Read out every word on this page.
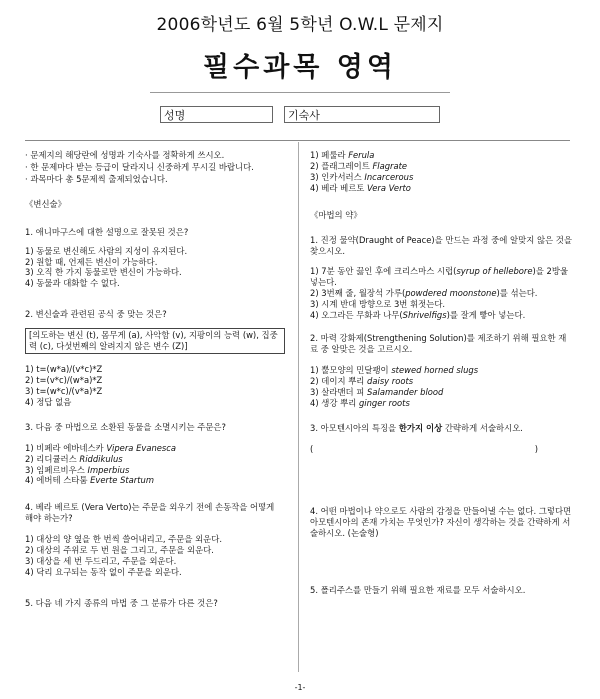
2006학년도 6월 5학년 O.W.L 문제지
필수과목 영역
성명	기숙사

· 문제지의 해당란에 성명과 기숙사를 정확하게 쓰시오.

· 한 문제마다 받는 등급이 달라지니 신중하게 무시길 바랍니다.

· 과목마다 총 5문제씩 출제되었습니다.

《변신술》

1. 애니마구스에 대한 설명으로 잘못된 것은?

1) 동물로 변신해도 사람의 지성이 유지된다.

2) 원할 때, 언제든 변신이 가능하다.

3) 오직 한 가지 동물로만 변신이 가능하다.

4) 동물과 대화할 수 없다.

2. 변신술과 관련된 공식 중 맞는 것은?

[의도하는 변신 (t), 몸무게 (a), 사악함 (v), 지팡이의 능력 (w), 집중력 (c), 다섯번째의 알려지지 않은 변수 (Z)]

1) t=(w*a)/(v*c)*Z

2) t=(v*c)/(w*a)*Z

3) t=(w*c)/(v*a)*Z

4) 정답 없음

3. 다음 중 마법으로 소환된 동물을 소멸시키는 주문은?

1) 비페라 에바네스카 Vipera Evanesca

2) 리디큘러스 Riddikulus

3) 임페르비우스 Imperbius

4) 에버테 스타툼 Everte Startum

4. 베라 베르토 (Vera Verto)는 주문을 외우기 전에 손동작을 어떻게 해야 하는가?

1) 대상의 양 옆을 한 번씩 쓸어내리고, 주문을 외운다.

2) 대상의 주위로 두 번 원을 그리고, 주문을 외운다.

3) 대상을 세 번 두드리고, 주문을 외운다.

4) 닥리 요구되는 동작 없이 주문을 외운다.

5. 다음 네 가지 종류의 마법 중 그 분류가 다른 것은?

1) 페룰라 Ferula

2) 플래그레이트 Flagrate

3) 인카서러스 Incarcerous

4) 베라 베르토 Vera Verto

《마법의 약》

1. 진정 물약(Draught of Peace)을 만드는 과정 중에 알맞지 않은 것을 찾으시오.

1) 7분 동안 끓인 후에 크리스마스 시럽(syrup of hellebore)을 2방울 넣는다.

2) 3번째 줄, 월장석 가루(powdered moonstone)를 섞는다.

3) 시계 반대 방향으로 3번 휘젓는다.

4) 오그라든 무화과 나무(Shrivelfigs)를 잘게 빻아 넣는다.

2. 마력 강화제(Strengthening Solution)를 제조하기 위해 필요한 재료 중 알맞은 것을 고르시오.

1) 뿔모양의 민달팽이 stewed horned slugs

2) 데이지 뿌리 daisy roots

3) 살라맨더 피 Salamander blood

4) 생강 뿌리 ginger roots

3. 아모텐시아의 특징을 한가지 이상 간략하게 서술하시오.

(	)

4. 어떤 마법이나 약으로도 사람의 감정을 만들어낼 수는 없다. 그렇다면 아모텐시아의 존재 가치는 무엇인가? 자신이 생각하는 것을 간략하게 서술하시오. (논술형)

5. 폴리주스를 만들기 위해 필요한 재료를 모두 서술하시오.

-1-
